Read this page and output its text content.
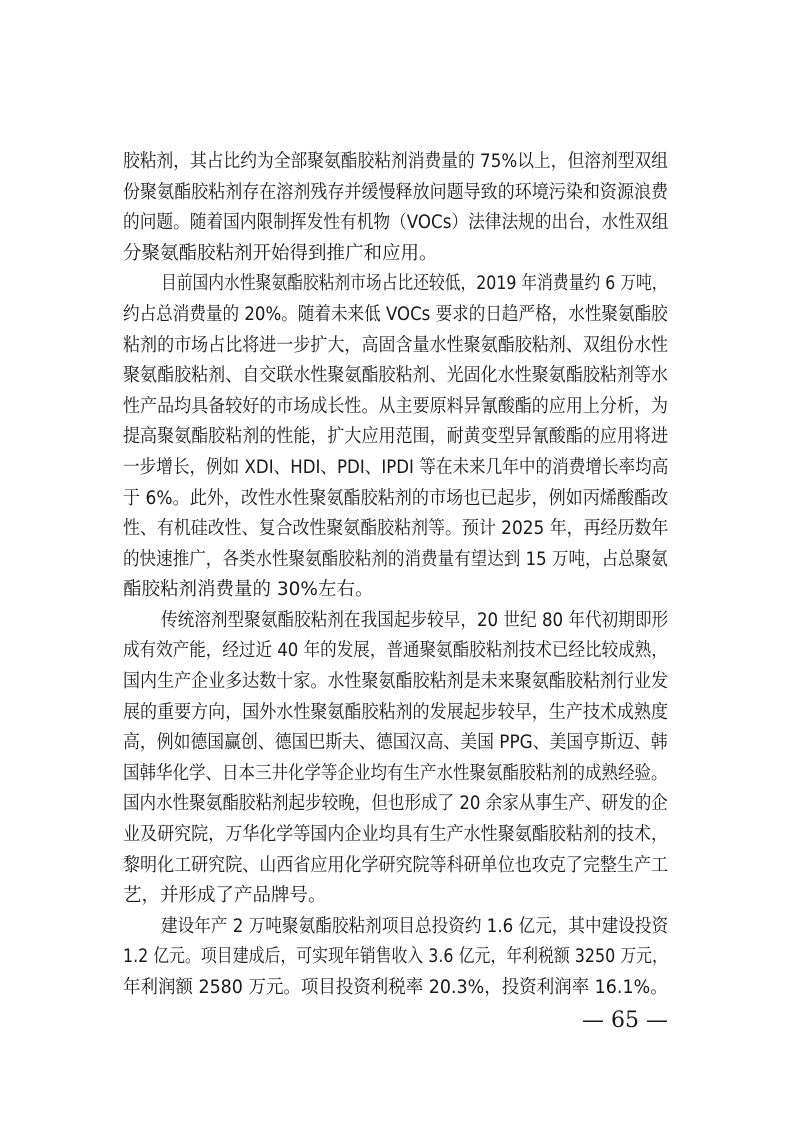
胶粘剂，其占比约为全部聚氨酯胶粘剂消费量的 75%以上，但溶剂型双组
份聚氨酯胶粘剂存在溶剂残存并缓慢释放问题导致的环境污染和资源浪费
的问题。随着国内限制挥发性有机物（VOCs）法律法规的出台，水性双组
分聚氨酯胶粘剂开始得到推广和应用。
目前国内水性聚氨酯胶粘剂市场占比还较低，2019 年消费量约 6 万吨，
约占总消费量的 20%。随着未来低 VOCs 要求的日趋严格，水性聚氨酯胶
粘剂的市场占比将进一步扩大，高固含量水性聚氨酯胶粘剂、双组份水性
聚氨酯胶粘剂、自交联水性聚氨酯胶粘剂、光固化水性聚氨酯胶粘剂等水
性产品均具备较好的市场成长性。从主要原料异氰酸酯的应用上分析，为
提高聚氨酯胶粘剂的性能，扩大应用范围，耐黄变型异氰酸酯的应用将进
一步增长，例如 XDI、HDI、PDI、IPDI 等在未来几年中的消费增长率均高
于 6%。此外，改性水性聚氨酯胶粘剂的市场也已起步，例如丙烯酸酯改
性、有机硅改性、复合改性聚氨酯胶粘剂等。预计 2025 年，再经历数年
的快速推广，各类水性聚氨酯胶粘剂的消费量有望达到 15 万吨，占总聚氨
酯胶粘剂消费量的 30%左右。
传统溶剂型聚氨酯胶粘剂在我国起步较早，20 世纪 80 年代初期即形
成有效产能，经过近 40 年的发展，普通聚氨酯胶粘剂技术已经比较成熟，
国内生产企业多达数十家。水性聚氨酯胶粘剂是未来聚氨酯胶粘剂行业发
展的重要方向，国外水性聚氨酯胶粘剂的发展起步较早，生产技术成熟度
高，例如德国赢创、德国巴斯夫、德国汉高、美国 PPG、美国亨斯迈、韩
国韩华化学、日本三井化学等企业均有生产水性聚氨酯胶粘剂的成熟经验。
国内水性聚氨酯胶粘剂起步较晚，但也形成了 20 余家从事生产、研发的企
业及研究院，万华化学等国内企业均具有生产水性聚氨酯胶粘剂的技术，
黎明化工研究院、山西省应用化学研究院等科研单位也攻克了完整生产工
艺，并形成了产品牌号。
建设年产 2 万吨聚氨酯胶粘剂项目总投资约 1.6 亿元，其中建设投资
1.2 亿元。项目建成后，可实现年销售收入 3.6 亿元，年利税额 3250 万元，
年利润额 2580 万元。项目投资利税率 20.3%，投资利润率 16.1%。
— 65 —
